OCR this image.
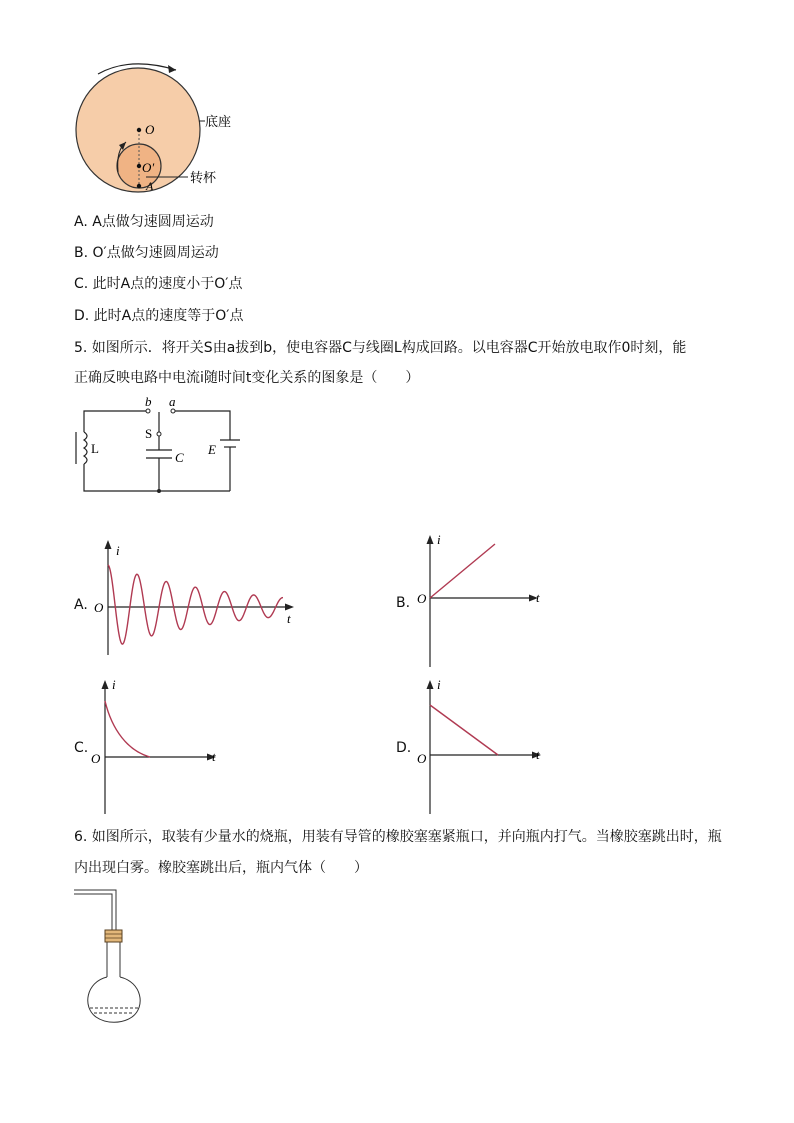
O
O′
A
底座
转杯
A. A点做匀速圆周运动
B. O′点做匀速圆周运动
C. 此时A点的速度小于O′点
D. 此时A点的速度等于O′点
5. 如图所示．将开关S由a拔到b，使电容器C与线圈L构成回路。以电容器C开始放电取作0时刻，能
正确反映电路中电流i随时间t变化关系的图象是（　　）
b a
S
L
C
E
A.
i
t
O	B.
i
t
O
C.
i
t
O
D.
i
t
O
6. 如图所示，取装有少量水的烧瓶，用装有导管的橡胶塞塞紧瓶口，并向瓶内打气。当橡胶塞跳出时，瓶
内出现白雾。橡胶塞跳出后，瓶内气体（　　）
